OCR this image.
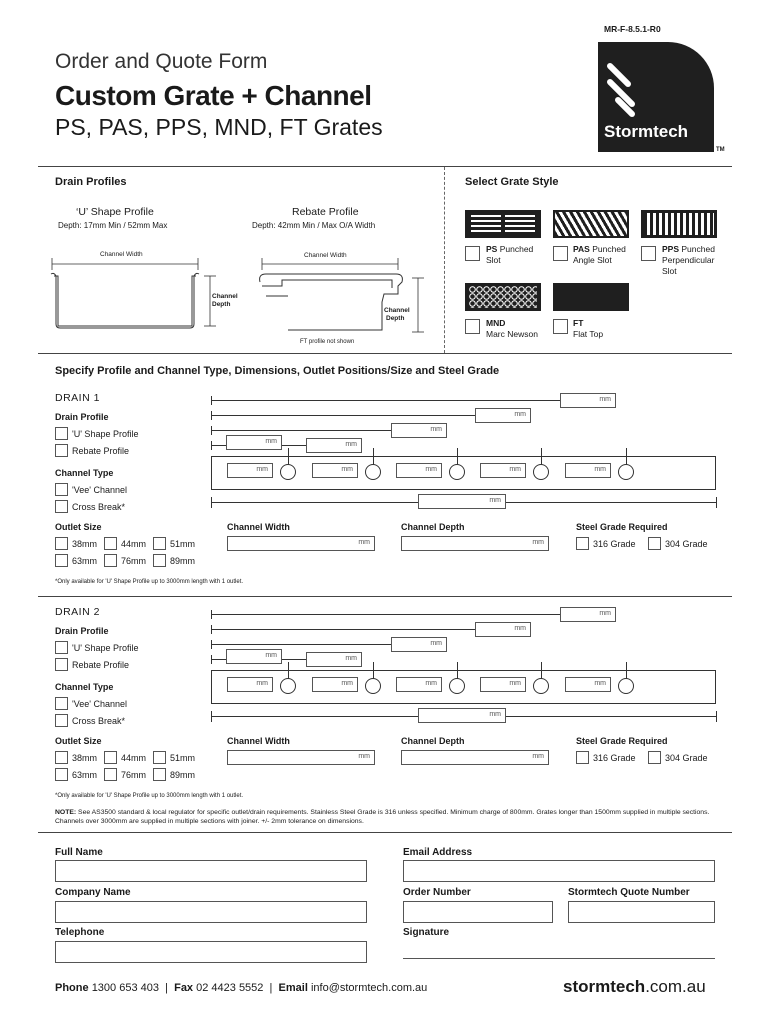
MR-F-8.5.1-R0
Order and Quote Form
Custom Grate + Channel
PS, PAS, PPS, MND, FT Grates	Stormtech
TM
Drain Profiles
‘U’ Shape Profile
Depth: 17mm Min / 52mm Max
Rebate Profile
Depth: 42mm Min / Max O/A Width
Channel Width	Channel Width
Channel
Depth
Channel
Depth
FT profile not shown
Select Grate Style
PS Punched
Slot
PAS Punched
Angle Slot
PPS Punched
Perpendicular
Slot
MND
Marc Newson
FT
Flat Top
Specify Profile and Channel Type, Dimensions, Outlet Positions/Size and Steel Grade
DRAIN 1
Drain Profile
'U' Shape Profile
Rebate Profile
Channel Type
'Vee' Channel
Cross Break*
mm
mm
mm
mm
mm
mm	mm	mm	mm	mm
mm
Outlet Size
38mm	44mm	51mm
63mm	76mm	89mm
Channel Width
mm
Channel Depth
mm
Steel Grade Required
316 Grade	304 Grade
*Only available for 'U' Shape Profile up to 3000mm length with 1 outlet.
DRAIN 2
Drain Profile
'U' Shape Profile
Rebate Profile
Channel Type
'Vee' Channel
Cross Break*
mm
mm
mm
mm
mm
mm	mm	mm	mm	mm
mm
Outlet Size
38mm	44mm	51mm
63mm	76mm	89mm
Channel Width
mm
Channel Depth
mm
Steel Grade Required
316 Grade	304 Grade
*Only available for 'U' Shape Profile up to 3000mm length with 1 outlet.
NOTE: See AS3500 standard & local regulator for specific outlet/drain requirements. Stainless Steel Grade is 316 unless specified. Minimum charge of 800mm. Grates longer than 1500mm supplied in multiple sections. Channels over 3000mm are supplied in multiple sections with joiner. +/- 2mm tolerance on dimensions.
Full Name	Email Address
Company Name	Order Number	Stormtech Quote Number
Telephone	Signature
Phone 1300 653 403 | Fax 02 4423 5552 | Email info@stormtech.com.au	stormtech.com.au
